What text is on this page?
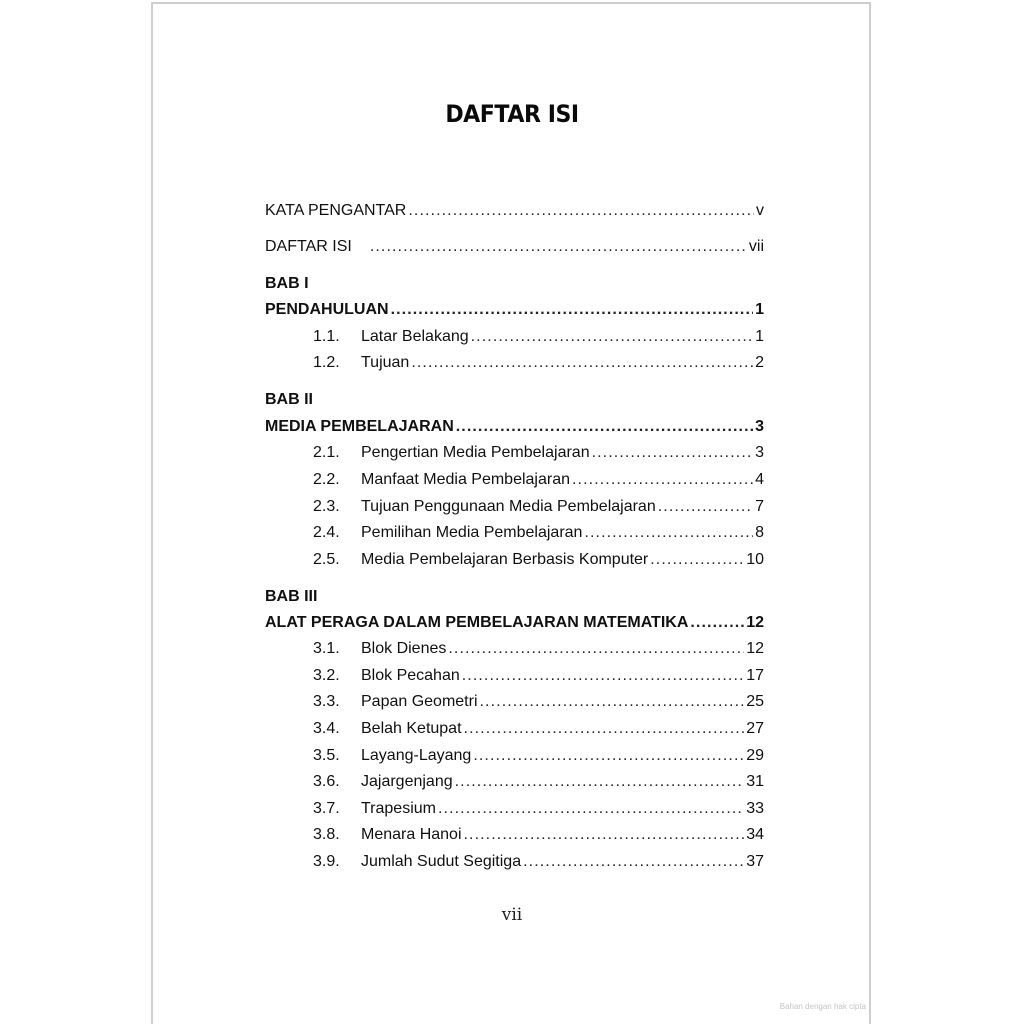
DAFTAR ISI
KATA PENGANTAR .....	v
DAFTAR ISI .....	vii
BAB I
PENDAHULUAN .....	1
1.1.	Latar Belakang .....	1
1.2.	Tujuan .....	2
BAB II
MEDIA PEMBELAJARAN .....	3
2.1.	Pengertian Media Pembelajaran .....	3
2.2.	Manfaat Media Pembelajaran .....	4
2.3.	Tujuan Penggunaan Media Pembelajaran .....	7
2.4.	Pemilihan Media Pembelajaran .....	8
2.5.	Media Pembelajaran Berbasis Komputer .....	10
BAB III
ALAT PERAGA DALAM PEMBELAJARAN MATEMATIKA .....	12
3.1.	Blok Dienes .....	12
3.2.	Blok Pecahan .....	17
3.3.	Papan Geometri .....	25
3.4.	Belah Ketupat .....	27
3.5.	Layang-Layang .....	29
3.6.	Jajargenjang .....	31
3.7.	Trapesium .....	33
3.8.	Menara Hanoi .....	34
3.9.	Jumlah Sudut Segitiga .....	37
vii
Bahan dengan hak cipta
